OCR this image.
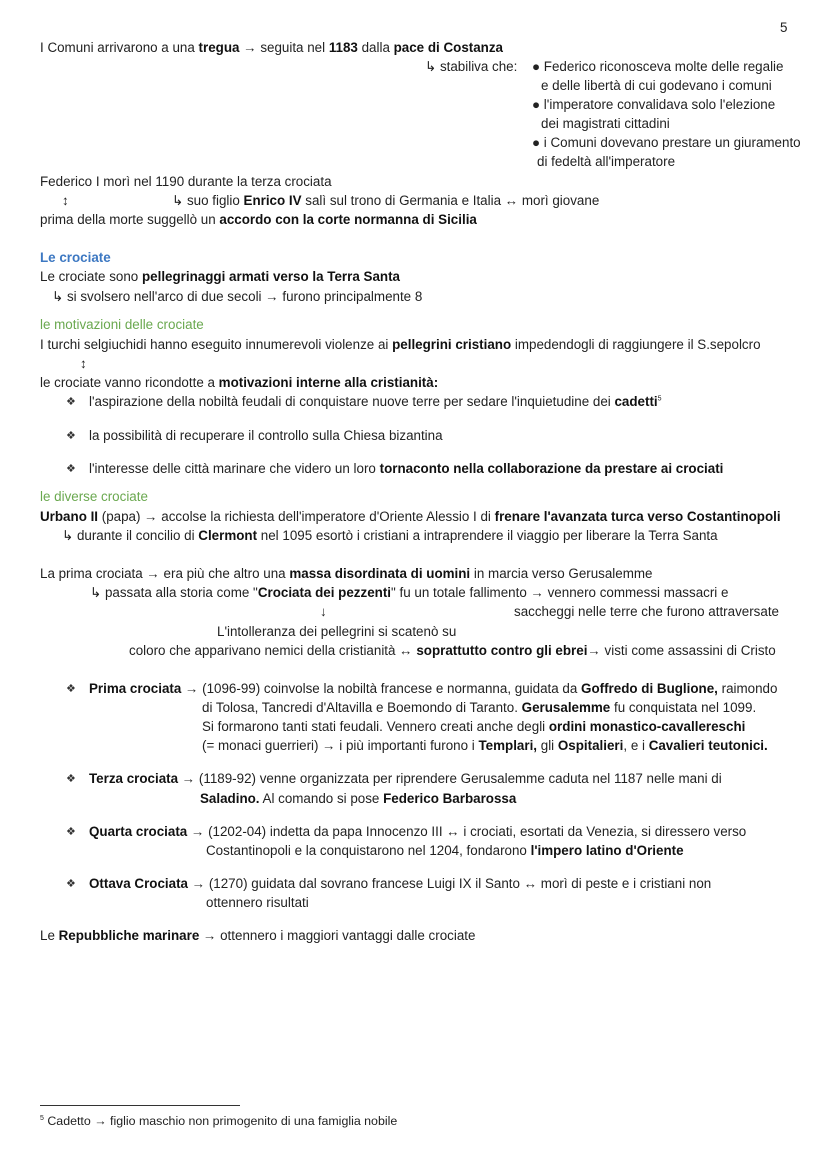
5
I Comuni arrivarono a una tregua → seguita nel 1183 dalla pace di Costanza
↳ stabiliva che: ● Federico riconosceva molte delle regalie
e delle libertà di cui godevano i comuni
● l'imperatore convalidava solo l'elezione
dei magistrati cittadini
● i Comuni dovevano prestare un giuramento
di fedeltà all'imperatore
Federico I morì nel 1190 durante la terza crociata
↕	↳ suo figlio Enrico IV salì sul trono di Germania e Italia ↔ morì giovane
prima della morte suggellò un accordo con la corte normanna di Sicilia
Le crociate
Le crociate sono pellegrinaggi armati verso la Terra Santa
↳ si svolsero nell'arco di due secoli → furono principalmente 8
le motivazioni delle crociate
I turchi selgiuchidi hanno eseguito innumerevoli violenze ai pellegrini cristiano impedendogli di raggiungere il S.sepolcro
↕
le crociate vanno ricondotte a motivazioni interne alla cristianità:
❖ l'aspirazione della nobiltà feudali di conquistare nuove terre per sedare l'inquietudine dei cadetti$^5$
❖ la possibilità di recuperare il controllo sulla Chiesa bizantina
❖ l'interesse delle città marinare che videro un loro tornaconto nella collaborazione da prestare ai crociati
le diverse crociate
Urbano II (papa) → accolse la richiesta dell'imperatore d'Oriente Alessio I di frenare l'avanzata turca verso Costantinopoli
↳ durante il concilio di Clermont nel 1095 esortò i cristiani a intraprendere il viaggio per liberare la Terra Santa
La prima crociata → era più che altro una massa disordinata di uomini in marcia verso Gerusalemme
↳ passata alla storia come "Crociata dei pezzenti" fu un totale fallimento → vennero commessi massacri e
↓	saccheggi nelle terre che furono attraversate
L'intolleranza dei pellegrini si scatenò su
coloro che apparivano nemici della cristianità ↔ soprattutto contro gli ebrei→ visti come assassini di Cristo
❖ Prima crociata → (1096-99) coinvolse la nobiltà francese e normanna, guidata da Goffredo di Buglione, raimondo
di Tolosa, Tancredi d'Altavilla e Boemondo di Taranto. Gerusalemme fu conquistata nel 1099.
Si formarono tanti stati feudali. Vennero creati anche degli ordini monastico-cavallereschi
(= monaci guerrieri) → i più importanti furono i Templari, gli Ospitalieri, e i Cavalieri teutonici.
❖ Terza crociata → (1189-92) venne organizzata per riprendere Gerusalemme caduta nel 1187 nelle mani di
Saladino. Al comando si pose Federico Barbarossa
❖ Quarta crociata → (1202-04) indetta da papa Innocenzo III ↔ i crociati, esortati da Venezia, si diressero verso
Costantinopoli e la conquistarono nel 1204, fondarono l'impero latino d'Oriente
❖ Ottava Crociata → (1270) guidata dal sovrano francese Luigi IX il Santo ↔ morì di peste e i cristiani non
ottennero risultati
Le Repubbliche marinare → ottennero i maggiori vantaggi dalle crociate
$^5$ Cadetto → figlio maschio non primogenito di una famiglia nobile
